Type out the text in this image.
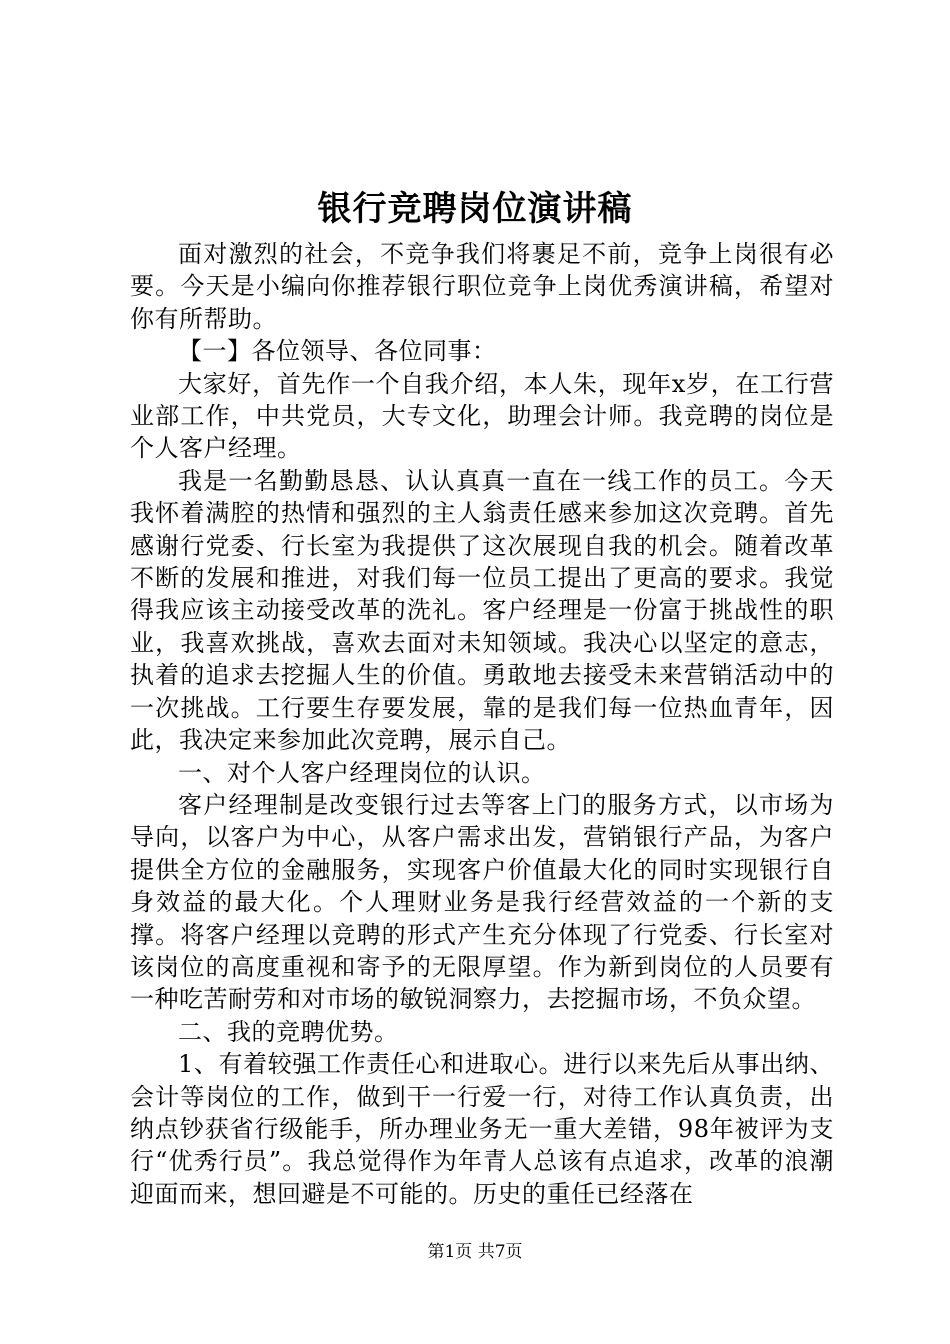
银行竞聘岗位演讲稿

面对激烈的社会，不竞争我们将裹足不前，竞争上岗很有必要。今天是小编向你推荐银行职位竞争上岗优秀演讲稿，希望对你有所帮助。

【一】各位领导、各位同事：

大家好，首先作一个自我介绍，本人朱，现年x岁，在工行营业部工作，中共党员，大专文化，助理会计师。我竞聘的岗位是个人客户经理。

我是一名勤勤恳恳、认认真真一直在一线工作的员工。今天我怀着满腔的热情和强烈的主人翁责任感来参加这次竞聘。首先感谢行党委、行长室为我提供了这次展现自我的机会。随着改革不断的发展和推进，对我们每一位员工提出了更高的要求。我觉得我应该主动接受改革的洗礼。客户经理是一份富于挑战性的职业，我喜欢挑战，喜欢去面对未知领域。我决心以坚定的意志，执着的追求去挖掘人生的价值。勇敢地去接受未来营销活动中的一次挑战。工行要生存要发展，靠的是我们每一位热血青年，因此，我决定来参加此次竞聘，展示自己。

一、对个人客户经理岗位的认识。

客户经理制是改变银行过去等客上门的服务方式，以市场为导向，以客户为中心，从客户需求出发，营销银行产品，为客户提供全方位的金融服务，实现客户价值最大化的同时实现银行自身效益的最大化。个人理财业务是我行经营效益的一个新的支撑。将客户经理以竞聘的形式产生充分体现了行党委、行长室对该岗位的高度重视和寄予的无限厚望。作为新到岗位的人员要有一种吃苦耐劳和对市场的敏锐洞察力，去挖掘市场，不负众望。

二、我的竞聘优势。

1、有着较强工作责任心和进取心。进行以来先后从事出纳、会计等岗位的工作，做到干一行爱一行，对待工作认真负责，出纳点钞获省行级能手，所办理业务无一重大差错，98年被评为支行“优秀行员”。我总觉得作为年青人总该有点追求，改革的浪潮迎面而来，想回避是不可能的。历史的重任已经落在

第1页 共7页
